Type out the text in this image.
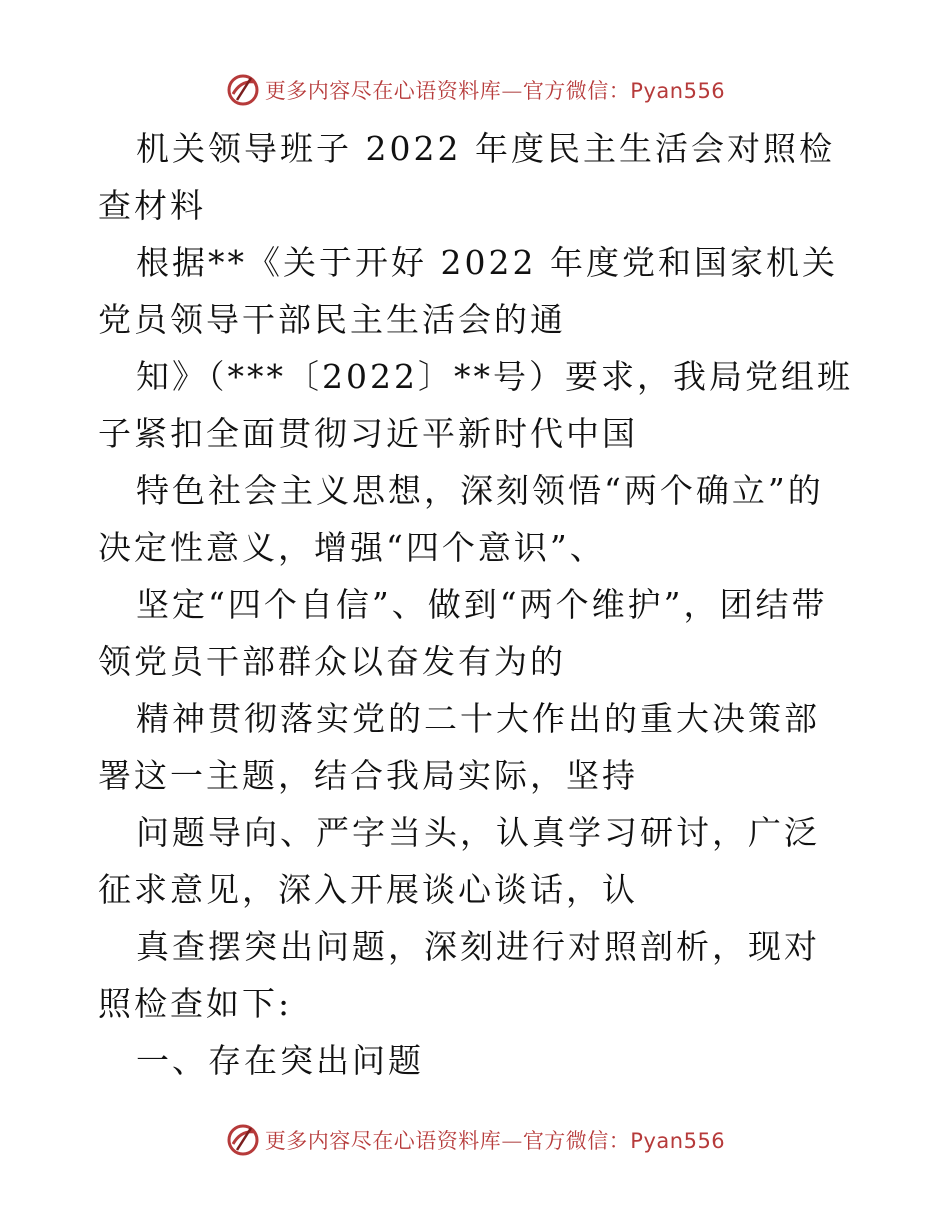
更多内容尽在心语资料库—官方微信：Pyan556

机关领导班子 2022 年度民主生活会对照检查材料

根据**《关于开好 2022 年度党和国家机关党员领导干部民主生活会的通

知》（***〔2022〕**号）要求，我局党组班子紧扣全面贯彻习近平新时代中国

特色社会主义思想，深刻领悟“两个确立”的决定性意义，增强“四个意识”、

坚定“四个自信”、做到“两个维护”，团结带领党员干部群众以奋发有为的

精神贯彻落实党的二十大作出的重大决策部署这一主题，结合我局实际，坚持

问题导向、严字当头，认真学习研讨，广泛征求意见，深入开展谈心谈话，认

真查摆突出问题，深刻进行对照剖析，现对照检查如下:

一、存在突出问题

更多内容尽在心语资料库—官方微信：Pyan556
